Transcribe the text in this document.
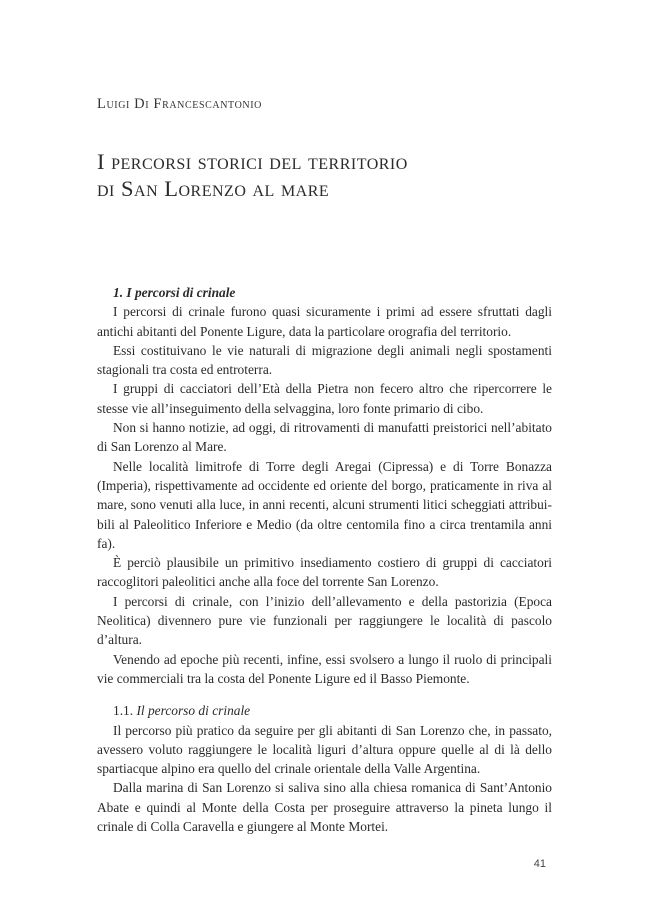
Luigi Di Francescantonio
I percorsi storici del territorio
di San Lorenzo al mare
1. I percorsi di crinale

I percorsi di crinale furono quasi sicuramente i primi ad essere sfruttati dagli antichi abitanti del Ponente Ligure, data la particolare orografia del territorio.

Essi costituivano le vie naturali di migrazione degli animali negli spostamenti stagionali tra costa ed entroterra.

I gruppi di cacciatori dell’Età della Pietra non fecero altro che ripercorrere le stesse vie all’inseguimento della selvaggina, loro fonte primario di cibo.

Non si hanno notizie, ad oggi, di ritrovamenti di manufatti preistorici nell’abitato di San Lorenzo al Mare.

Nelle località limitrofe di Torre degli Aregai (Cipressa) e di Torre Bonazza (Imperia), rispettivamente ad occidente ed oriente del borgo, praticamente in riva al mare, sono venuti alla luce, in anni recenti, alcuni strumenti litici scheggiati attribuibili al Paleolitico Inferiore e Medio (da oltre centomila fino a circa trentamila anni fa).

È perciò plausibile un primitivo insediamento costiero di gruppi di cacciatori raccoglitori paleolitici anche alla foce del torrente San Lorenzo.

I percorsi di crinale, con l’inizio dell’allevamento e della pastorizia (Epoca Neolitica) divennero pure vie funzionali per raggiungere le località di pascolo d’altura.

Venendo ad epoche più recenti, infine, essi svolsero a lungo il ruolo di principali vie commerciali tra la costa del Ponente Ligure ed il Basso Piemonte.

1.1. Il percorso di crinale

Il percorso più pratico da seguire per gli abitanti di San Lorenzo che, in passato, avessero voluto raggiungere le località liguri d’altura oppure quelle al di là dello spartiacque alpino era quello del crinale orientale della Valle Argentina.

Dalla marina di San Lorenzo si saliva sino alla chiesa romanica di Sant’Antonio Abate e quindi al Monte della Costa per proseguire attraverso la pineta lungo il crinale di Colla Caravella e giungere al Monte Mortei.

41
